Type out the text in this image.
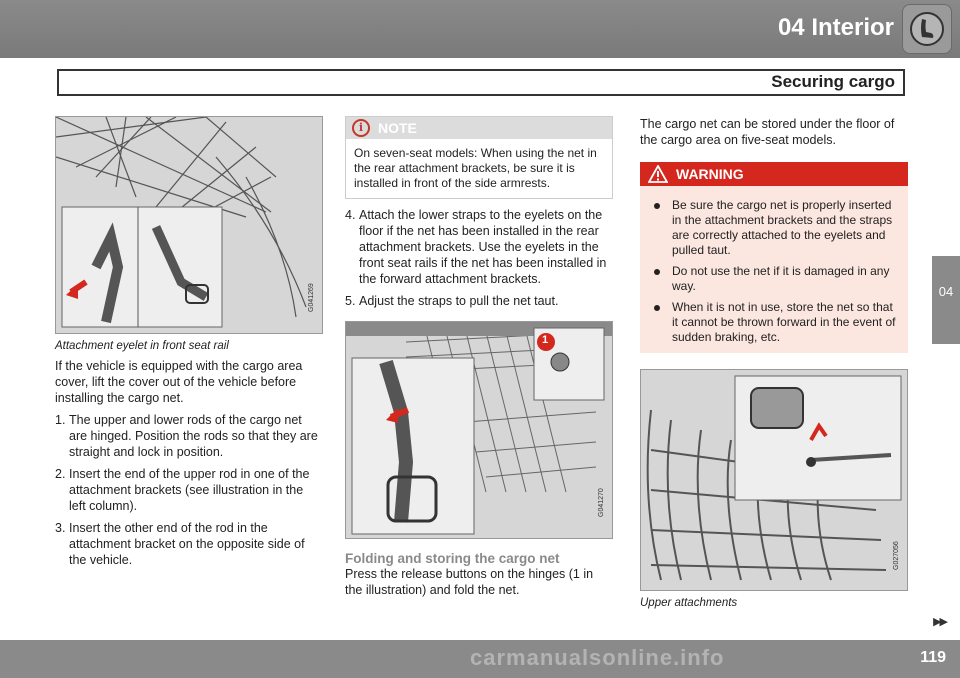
04 Interior
Securing cargo
04
G041269
Attachment eyelet in front seat rail

If the vehicle is equipped with the cargo area cover, lift the cover out of the vehicle before installing the cargo net.

1. The upper and lower rods of the cargo net are hinged. Position the rods so that they are straight and lock in position.
2. Insert the end of the upper rod in one of the attachment brackets (see illustration in the left column).
3. Insert the other end of the rod in the attachment bracket on the opposite side of the vehicle.
i	NOTE
On seven-seat models: When using the net in the rear attachment brackets, be sure it is installed in front of the side armrests.
4. Attach the lower straps to the eyelets on the floor if the net has been installed in the rear attachment brackets. Use the eyelets in the front seat rails if the net has been installed in the forward attachment brackets.
5. Adjust the straps to pull the net taut.
1
G041270
Folding and storing the cargo net

Press the release buttons on the hinges (1 in the illustration) and fold the net.

The cargo net can be stored under the floor of the cargo area on five-seat models.

WARNING
Be sure the cargo net is properly inserted in the attachment brackets and the straps are correctly attached to the eyelets and pulled taut.
Do not use the net if it is damaged in any way.
When it is not in use, store the net so that it cannot be thrown forward in the event of sudden braking, etc.
G027056
Upper attachments
▶▶
119
carmanualsonline.info
